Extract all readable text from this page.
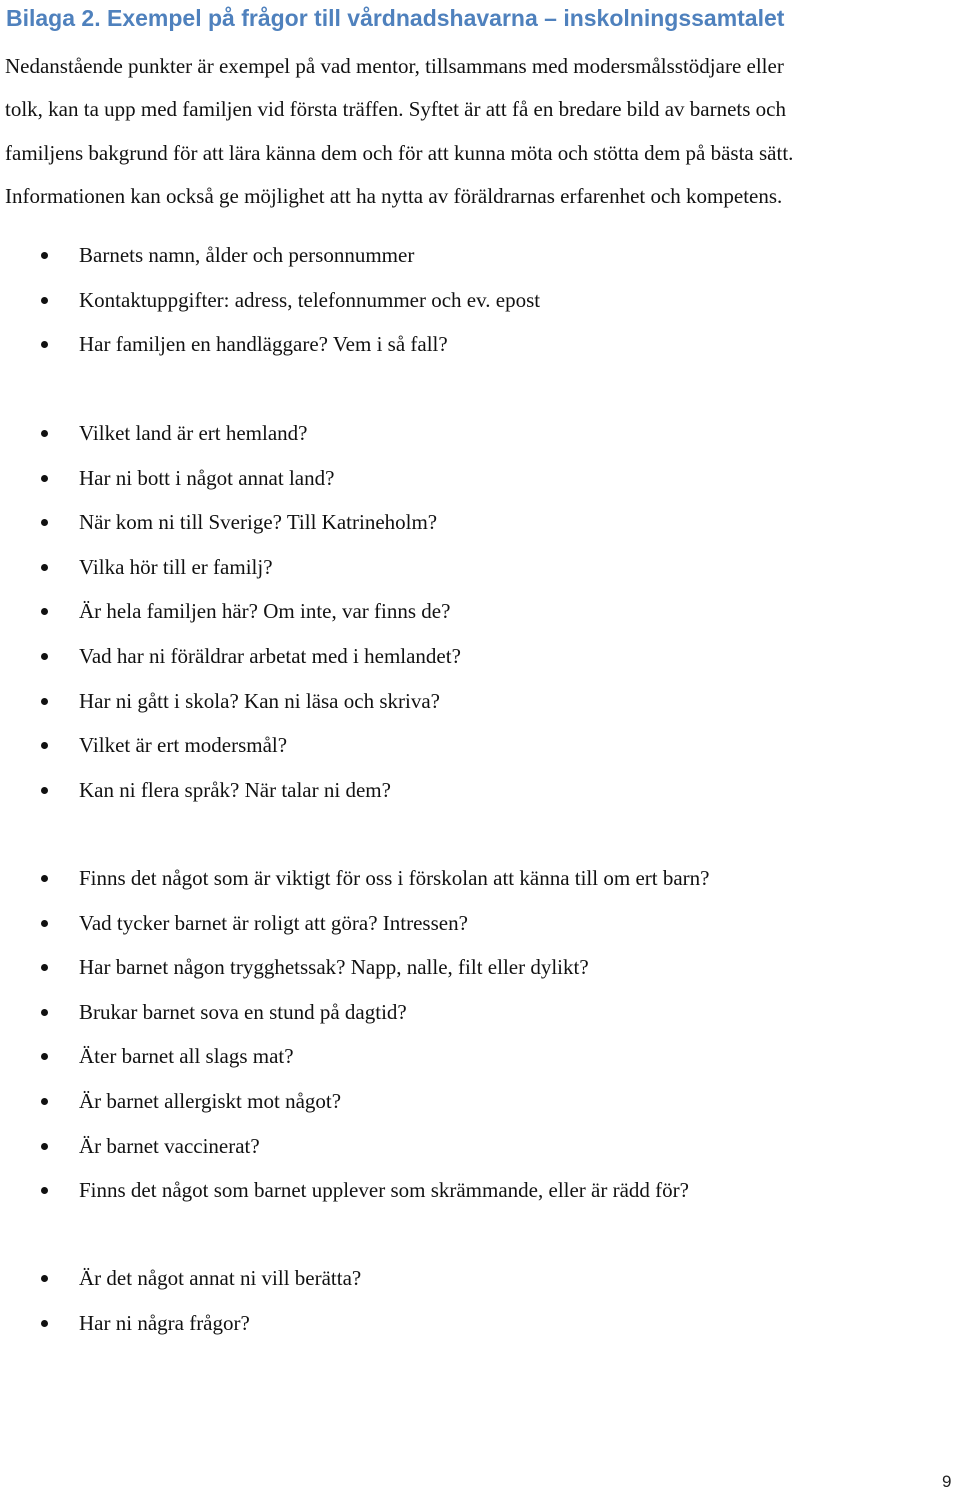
Bilaga 2. Exempel på frågor till vårdnadshavarna – inskolningssamtalet
Nedanstående punkter är exempel på vad mentor, tillsammans med modersmålsstödjare eller
tolk, kan ta upp med familjen vid första träffen. Syftet är att få en bredare bild av barnets och
familjens bakgrund för att lära känna dem och för att kunna möta och stötta dem på bästa sätt.
Informationen kan också ge möjlighet att ha nytta av föräldrarnas erfarenhet och kompetens.
Barnets namn, ålder och personnummer
Kontaktuppgifter: adress, telefonnummer och ev. epost
Har familjen en handläggare? Vem i så fall?
Vilket land är ert hemland?
Har ni bott i något annat land?
När kom ni till Sverige? Till Katrineholm?
Vilka hör till er familj?
Är hela familjen här? Om inte, var finns de?
Vad har ni föräldrar arbetat med i hemlandet?
Har ni gått i skola? Kan ni läsa och skriva?
Vilket är ert modersmål?
Kan ni flera språk? När talar ni dem?
Finns det något som är viktigt för oss i förskolan att känna till om ert barn?
Vad tycker barnet är roligt att göra? Intressen?
Har barnet någon trygghetssak? Napp, nalle, filt eller dylikt?
Brukar barnet sova en stund på dagtid?
Äter barnet all slags mat?
Är barnet allergiskt mot något?
Är barnet vaccinerat?
Finns det något som barnet upplever som skrämmande, eller är rädd för?
Är det något annat ni vill berätta?
Har ni några frågor?
9
